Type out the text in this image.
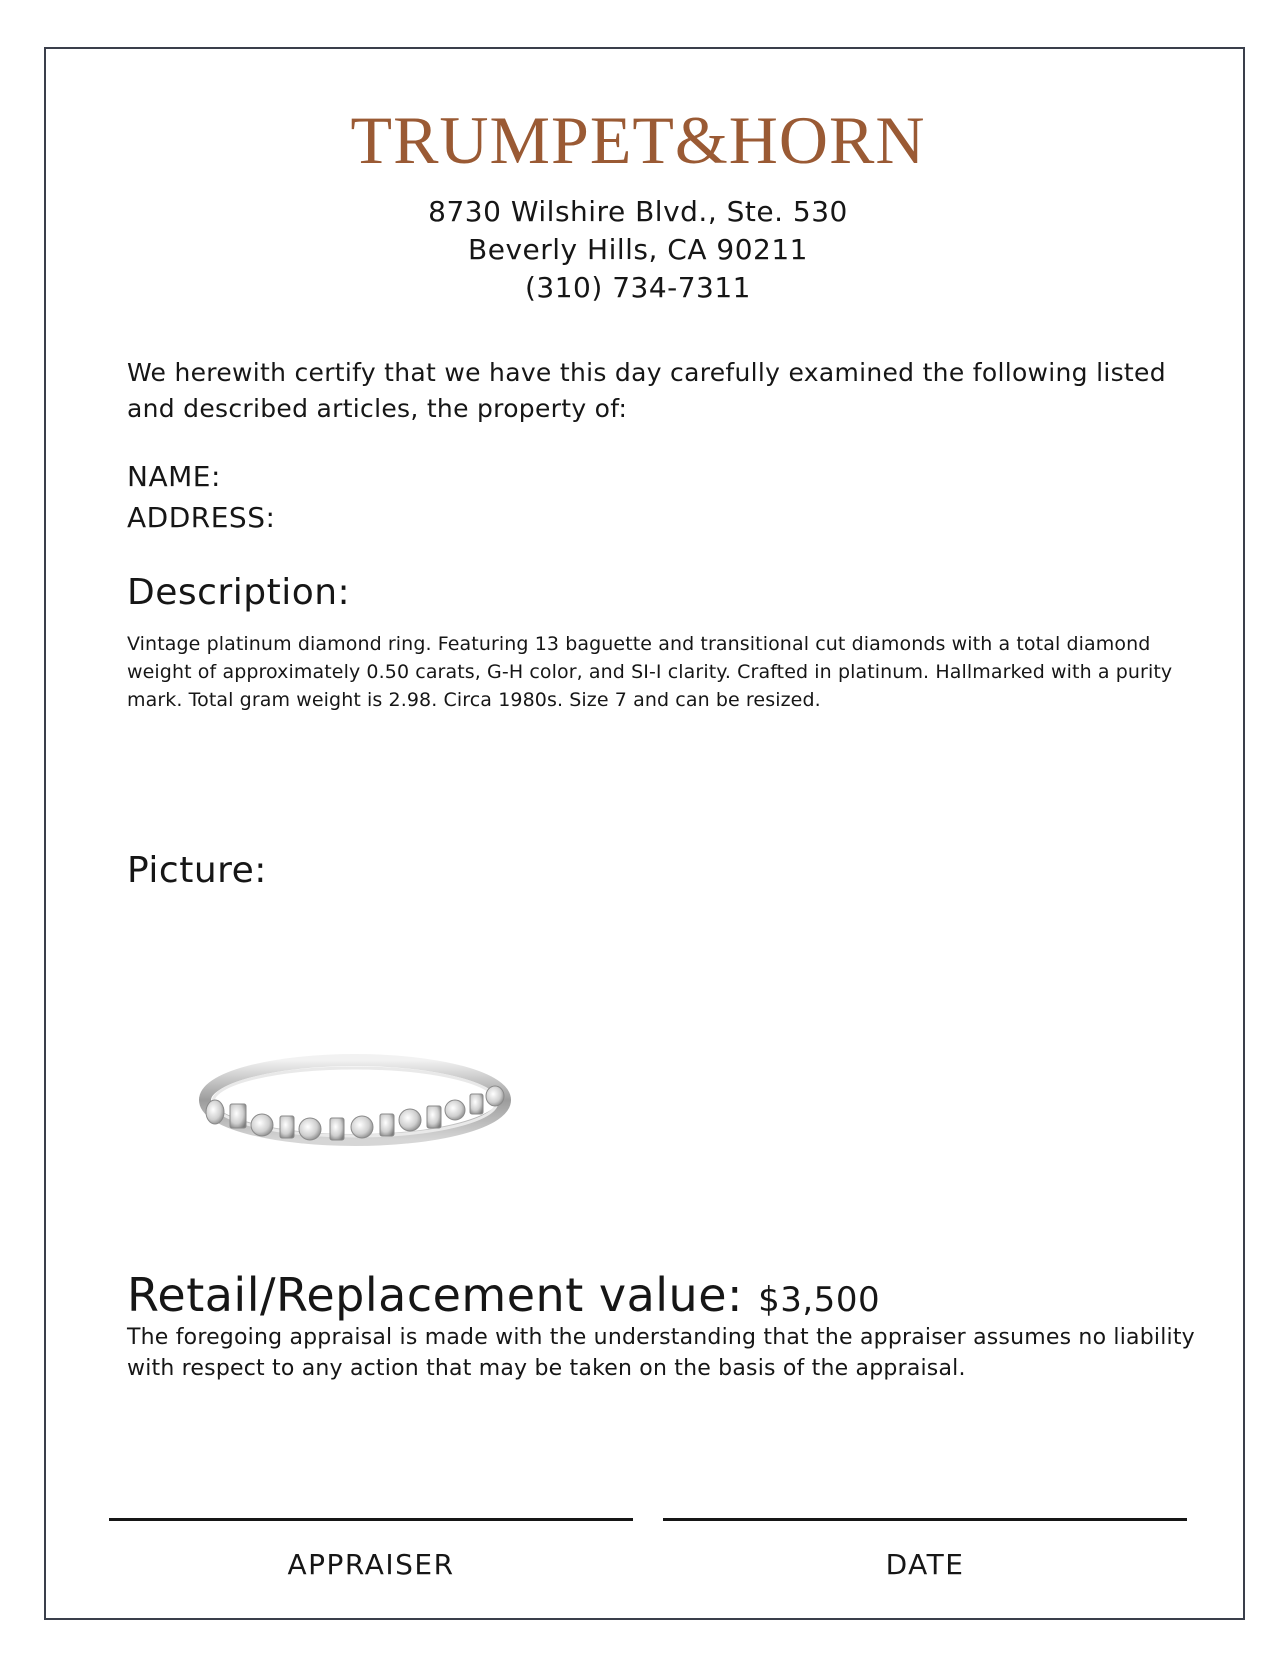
TRUMPET&HORN
8730 Wilshire Blvd., Ste. 530
Beverly Hills, CA 90211
(310) 734-7311
We herewith certify that we have this day carefully examined the following listed and described articles, the property of:
NAME:
ADDRESS:
Description:
Vintage platinum diamond ring. Featuring 13 baguette and transitional cut diamonds with a total diamond weight of approximately 0.50 carats, G-H color, and SI-I clarity. Crafted in platinum. Hallmarked with a purity mark. Total gram weight is 2.98. Circa 1980s. Size 7 and can be resized.
Picture:
Retail/Replacement value: $3,500
The foregoing appraisal is made with the understanding that the appraiser assumes no liability with respect to any action that may be taken on the basis of the appraisal.
APPRAISER	DATE
